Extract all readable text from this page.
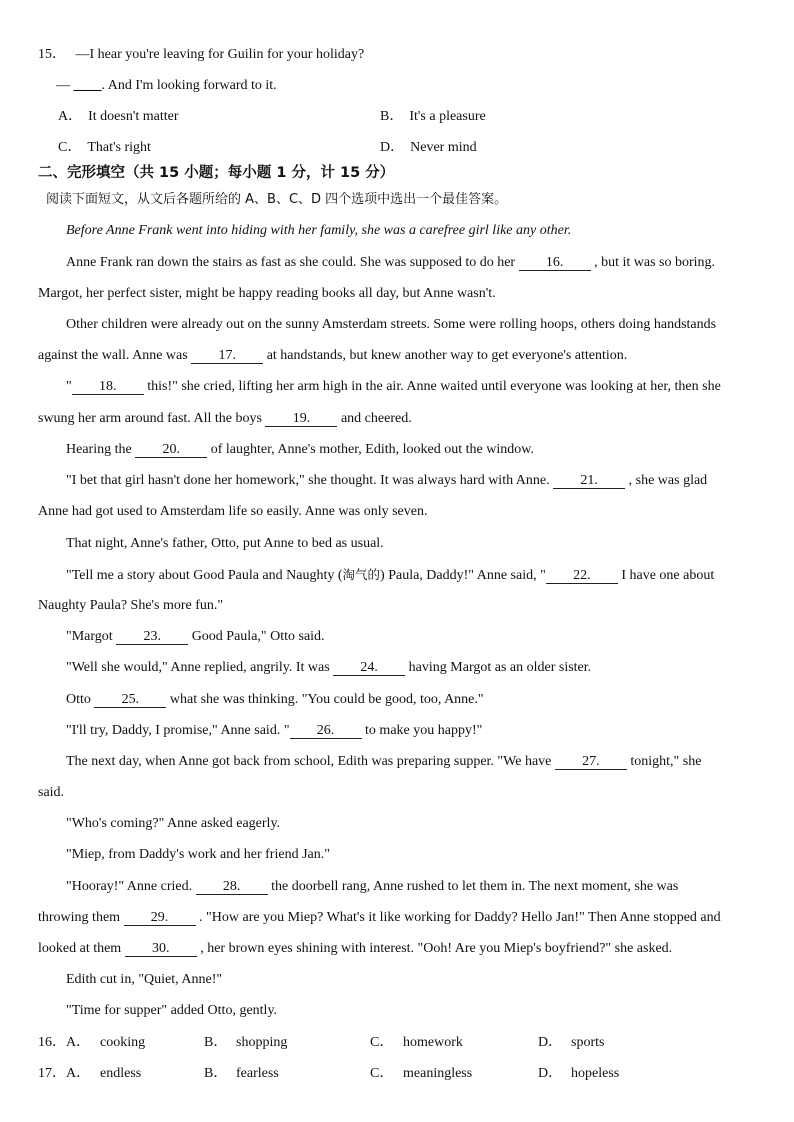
15． —I hear you're leaving for Guilin for your holiday?
— ____. And I'm looking forward to it.
A． It doesn't matter	B． It's a pleasure
C． That's right	D． Never mind
二、完形填空（共 15 小题；每小题 1 分，计 15 分）
阅读下面短文，从文后各题所给的 A、B、C、D 四个选项中选出一个最佳答案。
Before Anne Frank went into hiding with her family, she was a carefree girl like any other.
Anne Frank ran down the stairs as fast as she could. She was supposed to do her 16. , but it was so boring.
Margot, her perfect sister, might be happy reading books all day, but Anne wasn't.
Other children were already out on the sunny Amsterdam streets. Some were rolling hoops, others doing handstands
against the wall. Anne was 17. at handstands, but knew another way to get everyone's attention.
" 18. this!" she cried, lifting her arm high in the air. Anne waited until everyone was looking at her, then she
swung her arm around fast. All the boys 19. and cheered.
Hearing the 20. of laughter, Anne's mother, Edith, looked out the window.
"I bet that girl hasn't done her homework," she thought. It was always hard with Anne. 21. , she was glad
Anne had got used to Amsterdam life so easily. Anne was only seven.
That night, Anne's father, Otto, put Anne to bed as usual.
"Tell me a story about Good Paula and Naughty (淘气的) Paula, Daddy!" Anne said, " 22. I have one about
Naughty Paula? She's more fun."
"Margot 23. Good Paula," Otto said.
"Well she would," Anne replied, angrily. It was 24. having Margot as an older sister.
Otto 25. what she was thinking. "You could be good, too, Anne."
"I'll try, Daddy, I promise," Anne said. " 26. to make you happy!"
The next day, when Anne got back from school, Edith was preparing supper. "We have 27. tonight," she
said.
"Who's coming?" Anne asked eagerly.
"Miep, from Daddy's work and her friend Jan."
"Hooray!" Anne cried. 28. the doorbell rang, Anne rushed to let them in. The next moment, she was
throwing them 29. . "How are you Miep? What's it like working for Daddy? Hello Jan!" Then Anne stopped and
looked at them 30. , her brown eyes shining with interest. "Ooh! Are you Miep's boyfriend?" she asked.
Edith cut in, "Quiet, Anne!"
"Time for supper" added Otto, gently.
16． A． cooking	B． shopping	C． homework	D． sports
17． A． endless	B． fearless	C． meaningless	D． hopeless
